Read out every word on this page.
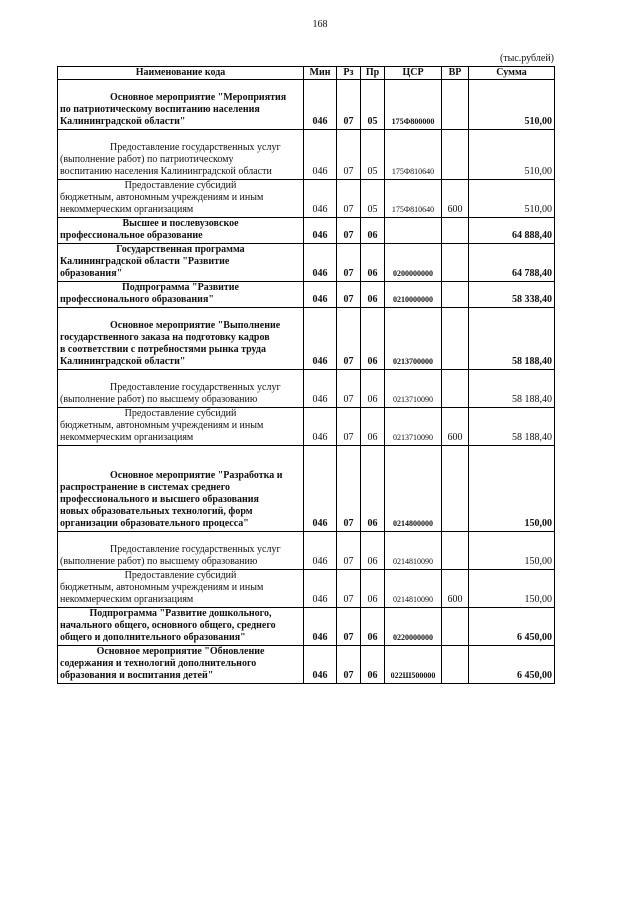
168
(тыс.рублей)
Наименование кода	Мин	Рз	Пр	ЦСР	ВР	Сумма

Основное мероприятие "Мероприятия
по патриотическому воспитанию населения
Калининградской области"	046	07	05	175Ф800000		510,00

Предоставление государственных услуг
(выполнение работ) по патриотическому
воспитанию населения Калининградской области	046	07	05	175Ф810640		510,00

Предоставление субсидий
бюджетным, автономным учреждениям и иным
некоммерческим организациям	046	07	05	175Ф810640	600	510,00

Высшее и послевузовское
профессиональное образование	046	07	06			64 888,40

Государственная программа
Калининградской области "Развитие
образования"	046	07	06	0200000000		64 788,40

Подпрограмма "Развитие
профессионального образования"	046	07	06	0210000000		58 338,40

Основное мероприятие "Выполнение
государственного заказа на подготовку кадров
в соответствии с потребностями рынка труда
Калининградской области"	046	07	06	0213700000		58 188,40

Предоставление государственных услуг
(выполнение работ) по высшему образованию	046	07	06	0213710090		58 188,40

Предоставление субсидий
бюджетным, автономным учреждениям и иным
некоммерческим организациям	046	07	06	0213710090	600	58 188,40

Основное мероприятие "Разработка и
распространение в системах среднего
профессионального и высшего образования
новых образовательных технологий, форм
организации образовательного процесса"	046	07	06	0214800000		150,00

Предоставление государственных услуг
(выполнение работ) по высшему образованию	046	07	06	0214810090		150,00

Предоставление субсидий
бюджетным, автономным учреждениям и иным
некоммерческим организациям	046	07	06	0214810090	600	150,00

Подпрограмма "Развитие дошкольного,
начального общего, основного общего, среднего
общего и дополнительного образования"	046	07	06	0220000000		6 450,00

Основное мероприятие "Обновление
содержания и технологий дополнительного
образования и воспитания детей"	046	07	06	022Ш500000		6 450,00
